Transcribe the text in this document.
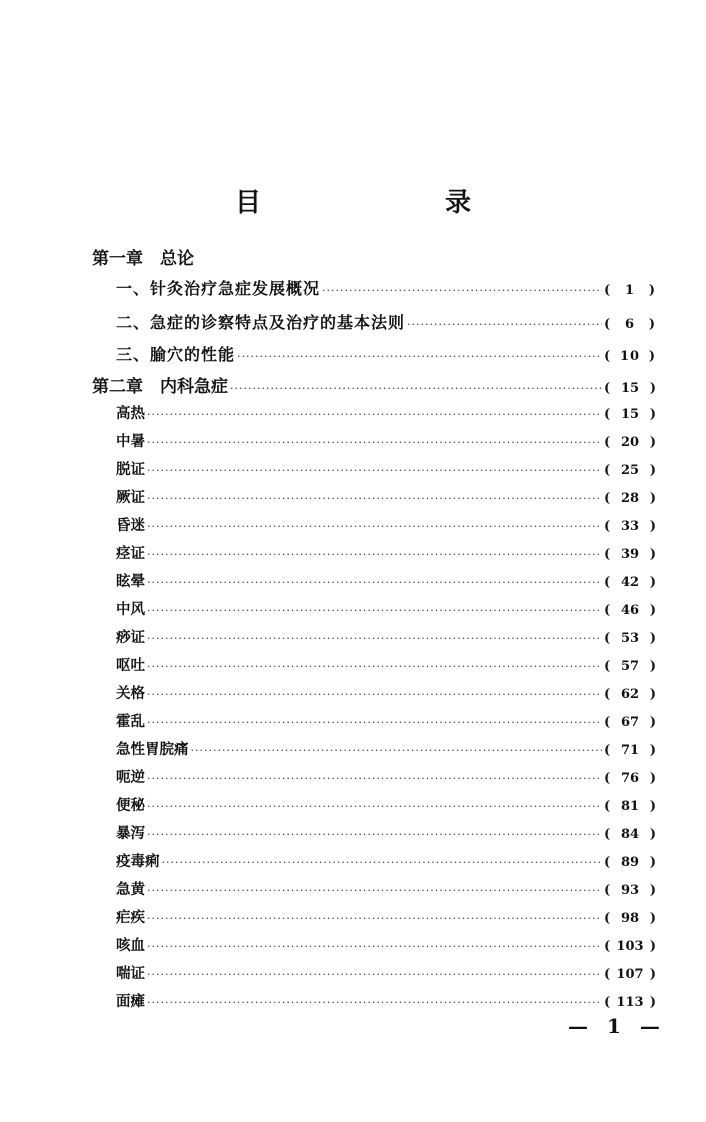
目　　录
第一章　总论
一、针灸治疗急症发展概况 ·····	(	1	)
二、急症的诊察特点及治疗的基本法则 ·····	(	6	)
三、腧穴的性能 ·····	( 10 )
第二章　内科急症 ·····	( 15 )
高热 ·····	( 15 )
中暑 ·····	( 20 )
脱证 ·····	( 25 )
厥证 ·····	( 28 )
昏迷 ·····	( 33 )
痉证 ·····	( 39 )
眩晕 ·····	( 42 )
中风 ·····	( 46 )
痧证 ·····	( 53 )
呕吐 ·····	( 57 )
关格 ·····	( 62 )
霍乱 ·····	( 67 )
急性胃脘痛 ·····	( 71 )
呃逆 ·····	( 76 )
便秘 ·····	( 81 )
暴泻 ·····	( 84 )
疫毒痢 ·····	( 89 )
急黄 ·····	( 93 )
疟疾 ·····	( 98 )
咳血 ·····	( 103 )
喘证 ·····	( 107 )
面瘫 ·····	( 113 )
— 1 —
